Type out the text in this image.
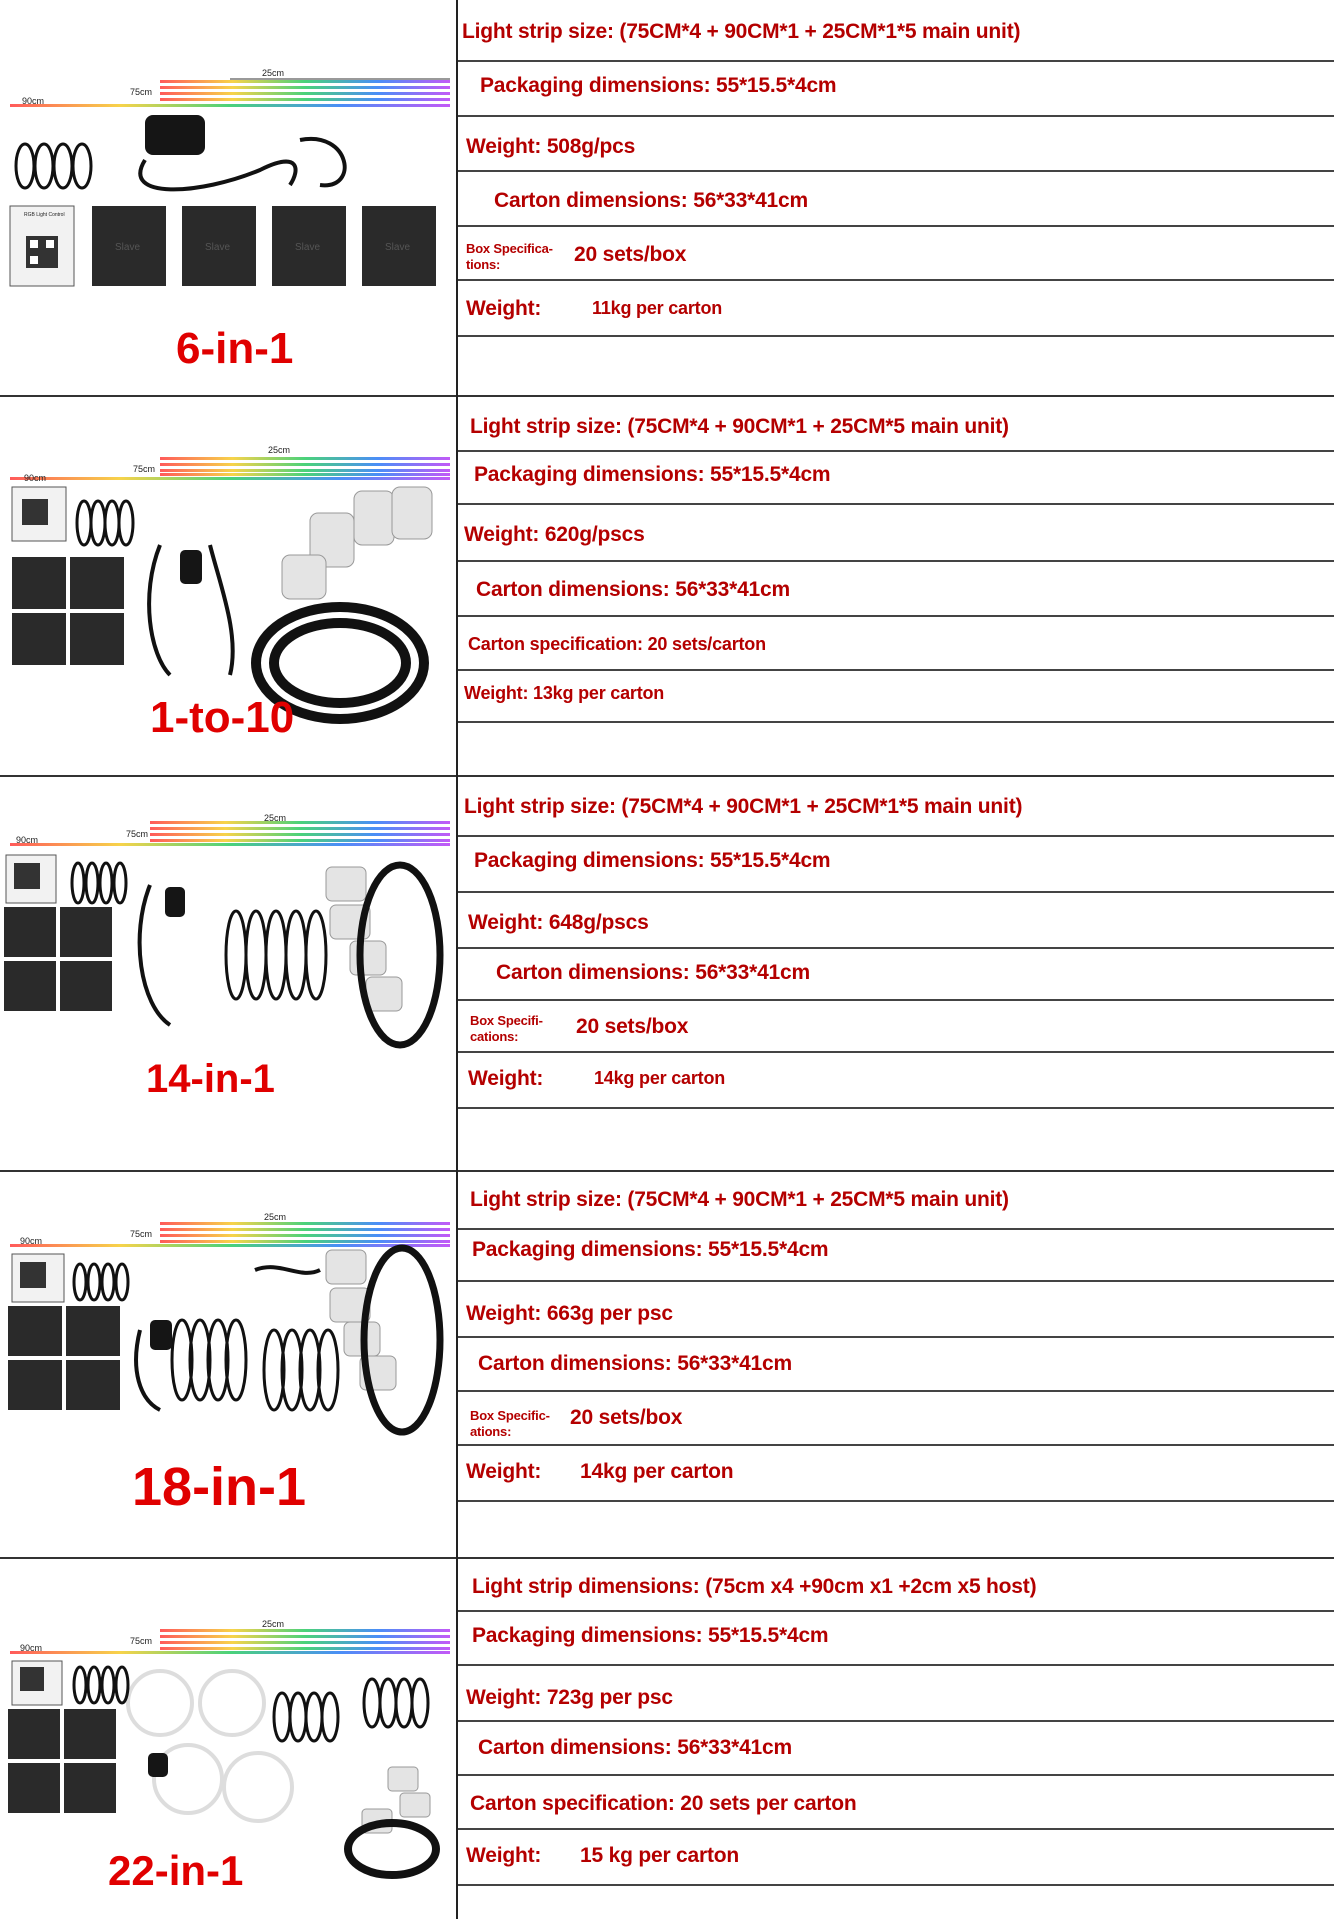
25cm
75cm
90cm
RGB Light Control
Slave	Slave	Slave	Slave
6-in-1
Light strip size: (75CM*4 + 90CM*1 + 25CM*1*5 main unit)
Packaging dimensions: 55*15.5*4cm
Weight: 508g/pcs
Carton dimensions: 56*33*41cm
Box Specifica-tions:	20 sets/box
Weight:	11kg per carton
25cm
75cm
90cm
1-to-10
Light strip size: (75CM*4 + 90CM*1 + 25CM*5 main unit)
Packaging dimensions: 55*15.5*4cm
Weight: 620g/pscs
Carton dimensions: 56*33*41cm
Carton specification: 20 sets/carton
Weight: 13kg per carton
25cm
75cm
90cm
14-in-1
Light strip size: (75CM*4 + 90CM*1 + 25CM*1*5 main unit)
Packaging dimensions: 55*15.5*4cm
Weight: 648g/pscs
Carton dimensions: 56*33*41cm
Box Specifi-cations:	20 sets/box
Weight:	14kg per carton
25cm
75cm
90cm
18-in-1
Light strip size: (75CM*4 + 90CM*1 + 25CM*5 main unit)
Packaging dimensions: 55*15.5*4cm
Weight: 663g per psc
Carton dimensions: 56*33*41cm
Box Specific-ations:
20 sets/box
Weight: 14kg per carton
25cm
75cm
90cm
22-in-1
Light strip dimensions: (75cm x4 +90cm x1 +2cm x5 host)
Packaging dimensions: 55*15.5*4cm
Weight: 723g per psc
Carton dimensions: 56*33*41cm
Carton specification: 20 sets per carton
Weight: 15 kg per carton
